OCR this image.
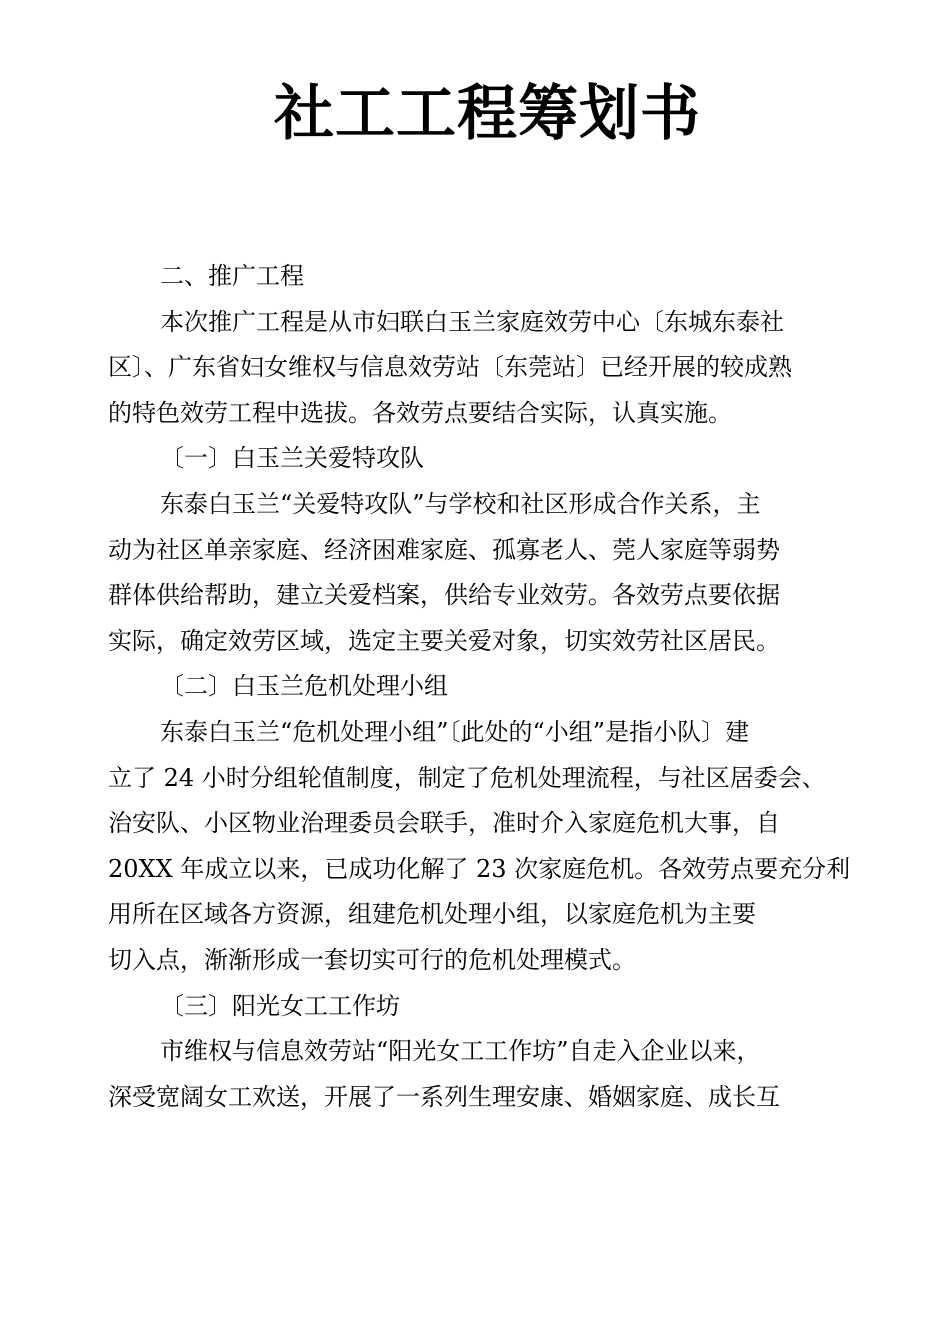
社工工程筹划书
二、推广工程
本次推广工程是从市妇联白玉兰家庭效劳中心〔东城东泰社
区〕、广东省妇女维权与信息效劳站〔东莞站〕已经开展的较成熟
的特色效劳工程中选拔。各效劳点要结合实际，认真实施。
〔一〕白玉兰关爱特攻队
东泰白玉兰“关爱特攻队”与学校和社区形成合作关系，主
动为社区单亲家庭、经济困难家庭、孤寡老人、莞人家庭等弱势
群体供给帮助，建立关爱档案，供给专业效劳。各效劳点要依据
实际，确定效劳区域，选定主要关爱对象，切实效劳社区居民。
〔二〕白玉兰危机处理小组
东泰白玉兰“危机处理小组”〔此处的“小组”是指小队〕建
立了 24 小时分组轮值制度，制定了危机处理流程，与社区居委会、
治安队、小区物业治理委员会联手，准时介入家庭危机大事，自
20XX 年成立以来，已成功化解了 23 次家庭危机。各效劳点要充分利
用所在区域各方资源，组建危机处理小组，以家庭危机为主要
切入点，渐渐形成一套切实可行的危机处理模式。
〔三〕阳光女工工作坊
市维权与信息效劳站“阳光女工工作坊”自走入企业以来，
深受宽阔女工欢送，开展了一系列生理安康、婚姻家庭、成长互
